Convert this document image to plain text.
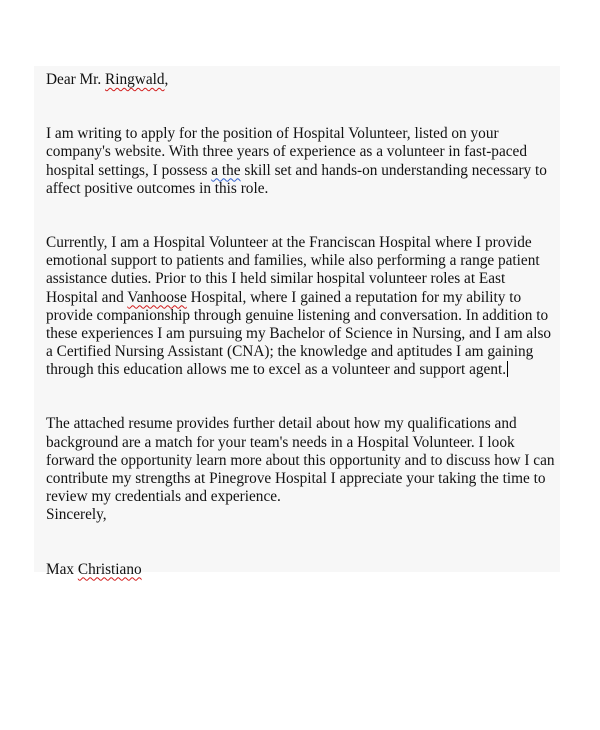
Dear Mr. Ringwald,
I am writing to apply for the position of Hospital Volunteer, listed on your
company's website. With three years of experience as a volunteer in fast-paced
hospital settings, I possess a the skill set and hands-on understanding necessary to
affect positive outcomes in this role.
Currently, I am a Hospital Volunteer at the Franciscan Hospital where I provide
emotional support to patients and families, while also performing a range patient
assistance duties. Prior to this I held similar hospital volunteer roles at East
Hospital and Vanhoose Hospital, where I gained a reputation for my ability to
provide companionship through genuine listening and conversation. In addition to
these experiences I am pursuing my Bachelor of Science in Nursing, and I am also
a Certified Nursing Assistant (CNA); the knowledge and aptitudes I am gaining
through this education allows me to excel as a volunteer and support agent.
The attached resume provides further detail about how my qualifications and
background are a match for your team's needs in a Hospital Volunteer. I look
forward the opportunity learn more about this opportunity and to discuss how I can
contribute my strengths at Pinegrove Hospital I appreciate your taking the time to
review my credentials and experience.
Sincerely,
Max Christiano
